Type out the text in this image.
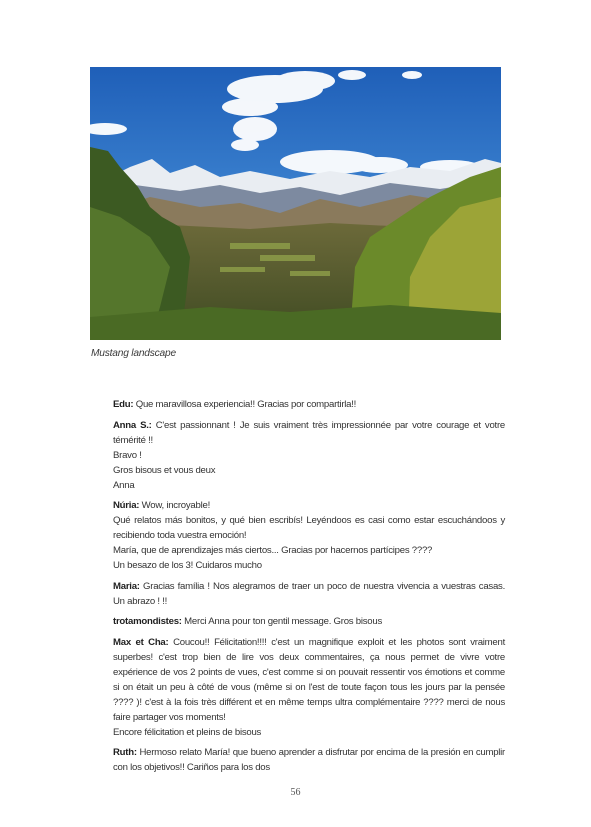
Mustang landscape
Edu: Que maravillosa experiencia!! Gracias por compartirla!!
Anna S.: C'est passionnant ! Je suis vraiment très impressionnée par votre courage et votre témérité !!
Bravo !
Gros bisous et vous deux
Anna
Núria: Wow, incroyable!
Qué relatos más bonitos, y qué bien escribís! Leyéndoos es casi como estar escuchándoos y recibiendo toda vuestra emoción!
María, que de aprendizajes más ciertos... Gracias por hacernos partícipes ????
Un besazo de los 3! Cuidaros mucho
Maria: Gracias família ! Nos alegramos de traer un poco de nuestra vivencia a vuestras casas. Un abrazo ! !!
trotamondistes: Merci Anna pour ton gentil message. Gros bisous
Max et Cha: Coucou!! Félicitation!!!! c'est un magnifique exploit et les photos sont vraiment superbes! c'est trop bien de lire vos deux commentaires, ça nous permet de vivre votre expérience de vos 2 points de vues, c'est comme si on pouvait ressentir vos émotions et comme si on était un peu à côté de vous (même si on l'est de toute façon tous les jours par la pensée ???? )! c'est à la fois très différent et en même temps ultra complémentaire ???? merci de nous faire partager vos moments!
Encore félicitation et pleins de bisous
Ruth: Hermoso relato María! que bueno aprender a disfrutar por encima de la presión en cumplir con los objetivos!! Cariños para los dos
56
